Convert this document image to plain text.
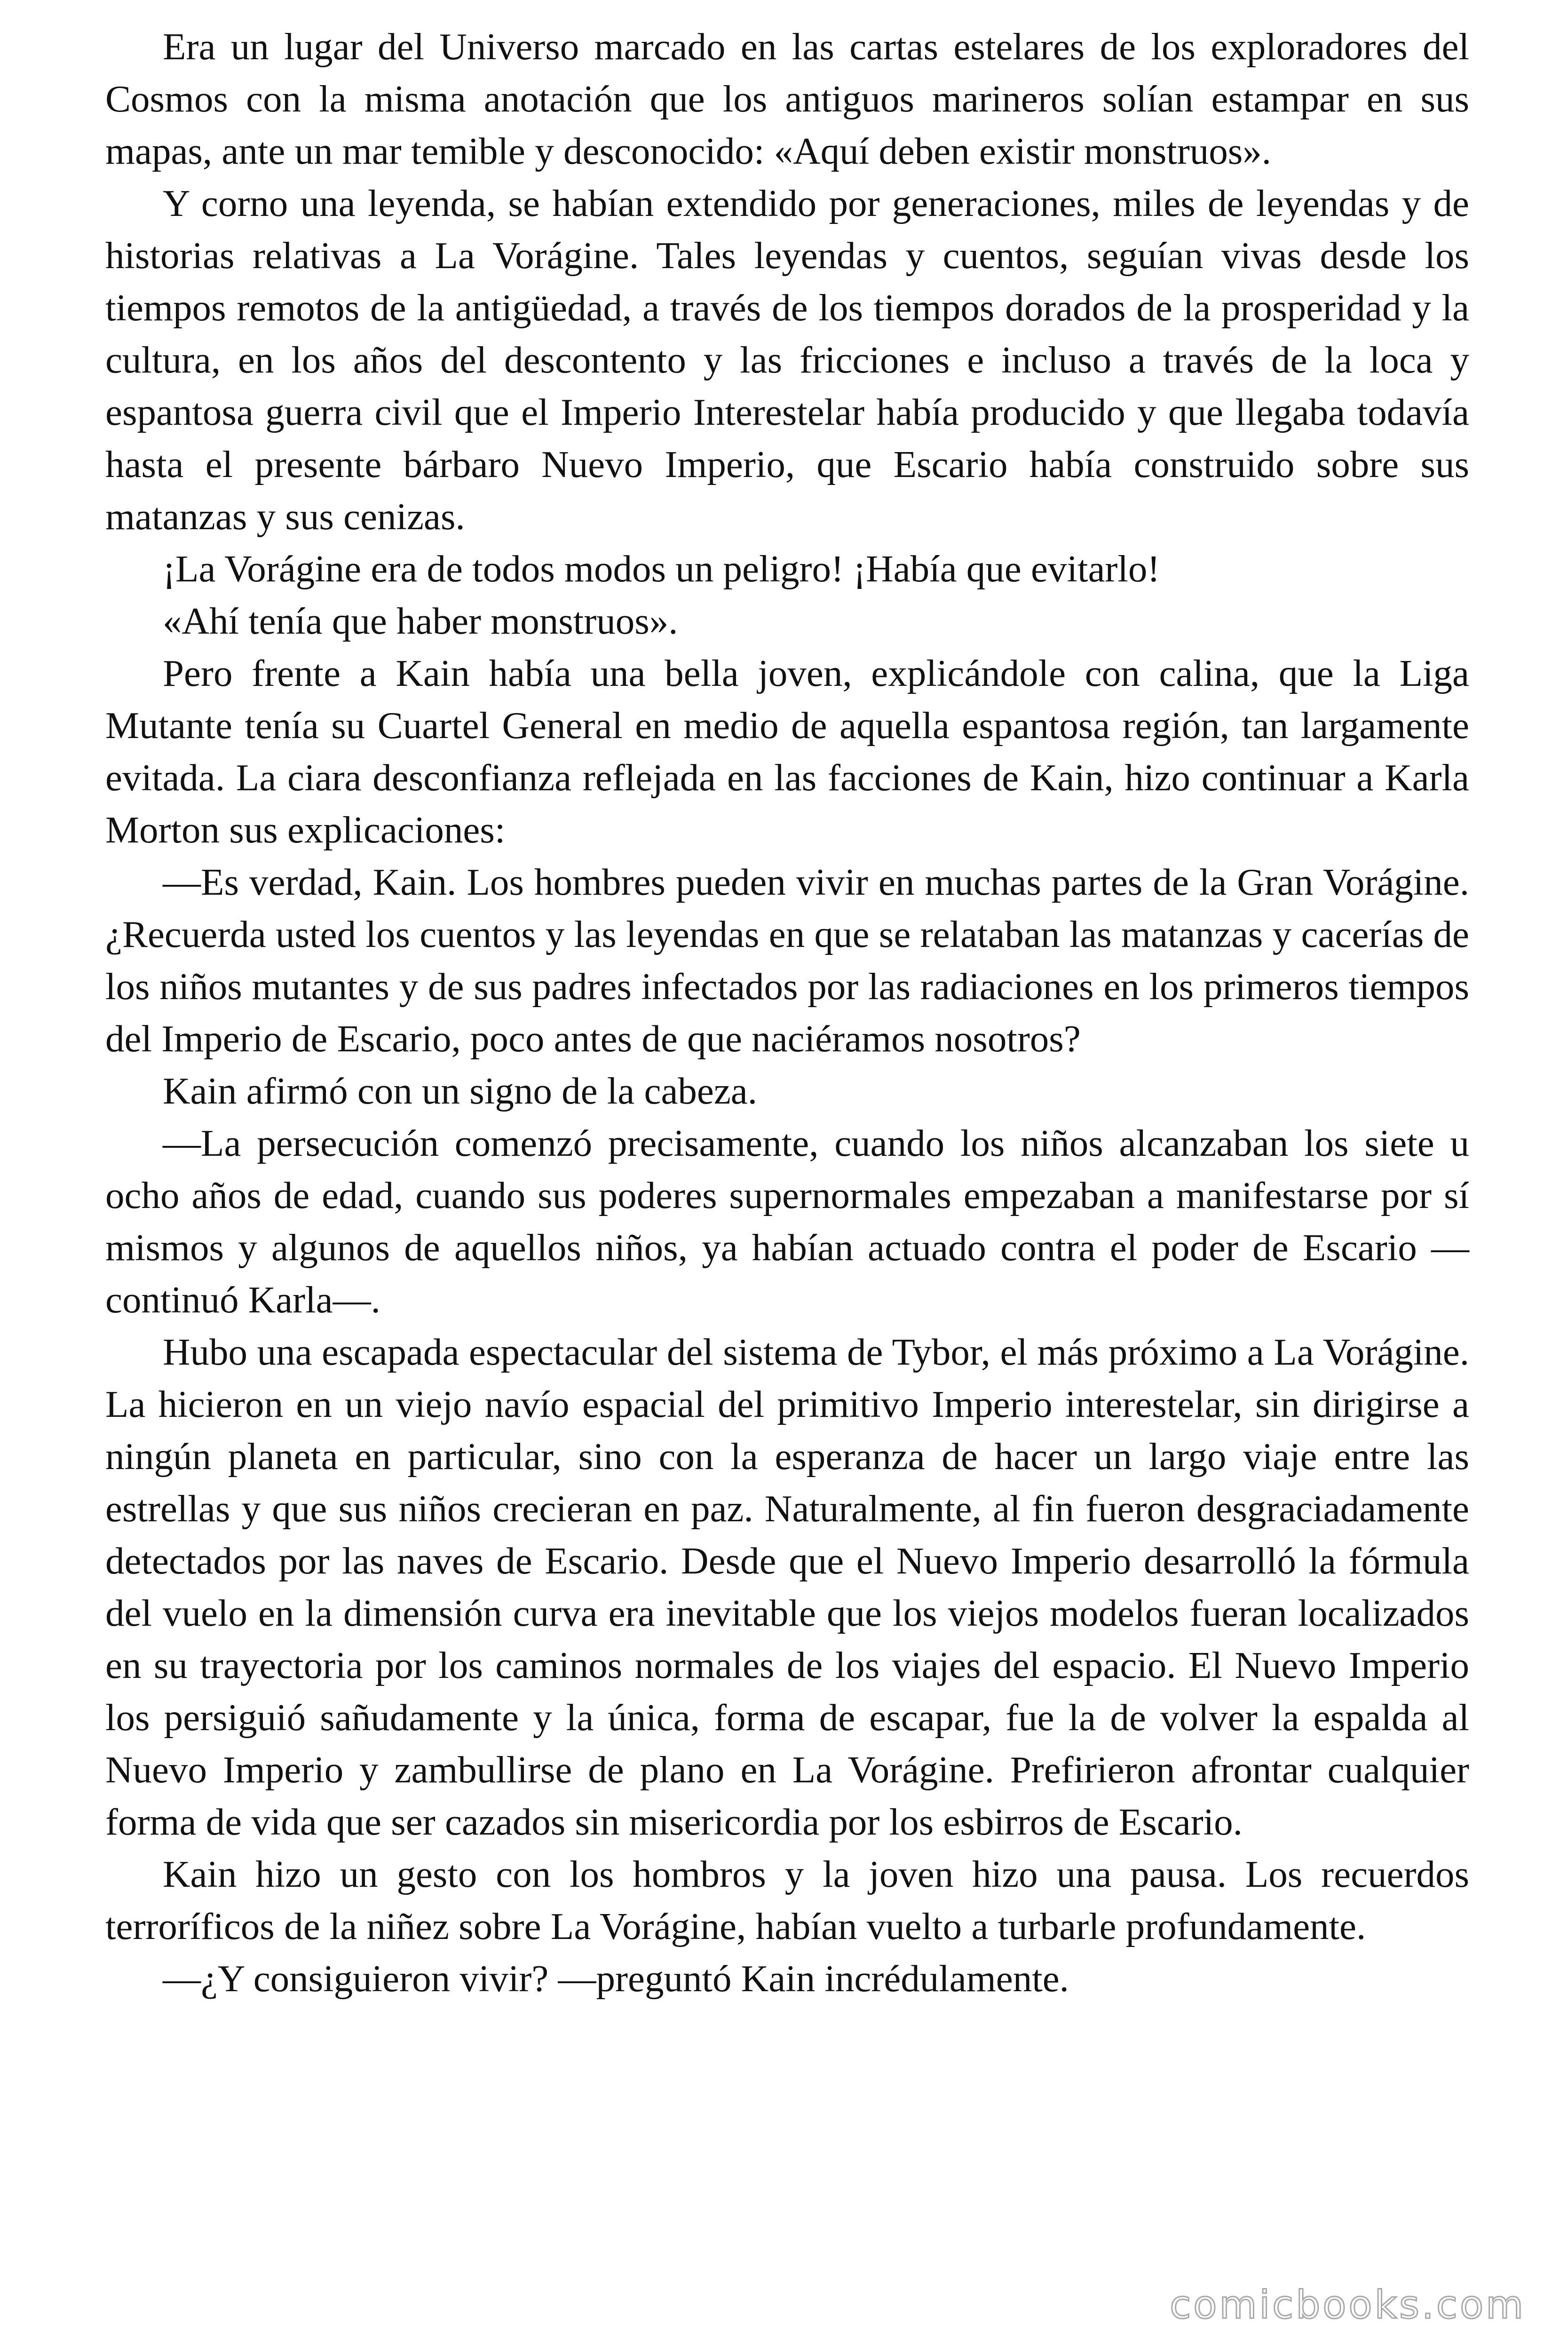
Era un lugar del Universo marcado en las cartas estelares de los exploradores del Cosmos con la misma anotación que los antiguos marineros solían estampar en sus mapas, ante un mar temible y desconocido: «Aquí deben existir monstruos».

Y corno una leyenda, se habían extendido por generaciones, miles de leyendas y de historias relativas a La Vorágine. Tales leyendas y cuentos, seguían vivas desde los tiempos remotos de la antigüedad, a través de los tiempos dorados de la prosperidad y la cultura, en los años del descontento y las fricciones e incluso a través de la loca y espantosa guerra civil que el Imperio Interestelar había producido y que llegaba todavía hasta el presente bárbaro Nuevo Imperio, que Escario había construido sobre sus matanzas y sus cenizas.

¡La Vorágine era de todos modos un peligro! ¡Había que evitarlo!

«Ahí tenía que haber monstruos».

Pero frente a Kain había una bella joven, explicándole con calina, que la Liga Mutante tenía su Cuartel General en medio de aquella espantosa región, tan largamente evitada. La ciara desconfianza reflejada en las facciones de Kain, hizo continuar a Karla Morton sus explicaciones:

—Es verdad, Kain. Los hombres pueden vivir en muchas partes de la Gran Vorágine. ¿Recuerda usted los cuentos y las leyendas en que se relataban las matanzas y cacerías de los niños mutantes y de sus padres infectados por las radiaciones en los primeros tiempos del Imperio de Escario, poco antes de que naciéramos nosotros?

Kain afirmó con un signo de la cabeza.

—La persecución comenzó precisamente, cuando los niños alcanzaban los siete u ocho años de edad, cuando sus poderes supernormales empezaban a manifestarse por sí mismos y algunos de aquellos niños, ya habían actuado contra el poder de Escario —continuó Karla—.

Hubo una escapada espectacular del sistema de Tybor, el más próximo a La Vorágine. La hicieron en un viejo navío espacial del primitivo Imperio interestelar, sin dirigirse a ningún planeta en particular, sino con la esperanza de hacer un largo viaje entre las estrellas y que sus niños crecieran en paz. Naturalmente, al fin fueron desgraciadamente detectados por las naves de Escario. Desde que el Nuevo Imperio desarrolló la fórmula del vuelo en la dimensión curva era inevitable que los viejos modelos fueran localizados en su trayectoria por los caminos normales de los viajes del espacio. El Nuevo Imperio los persiguió sañudamente y la única, forma de escapar, fue la de volver la espalda al Nuevo Imperio y zambullirse de plano en La Vorágine. Prefirieron afrontar cualquier forma de vida que ser cazados sin misericordia por los esbirros de Escario.

Kain hizo un gesto con los hombros y la joven hizo una pausa. Los recuerdos terroríficos de la niñez sobre La Vorágine, habían vuelto a turbarle profundamente.

—¿Y consiguieron vivir? —preguntó Kain incrédulamente.

comicbooks.com
